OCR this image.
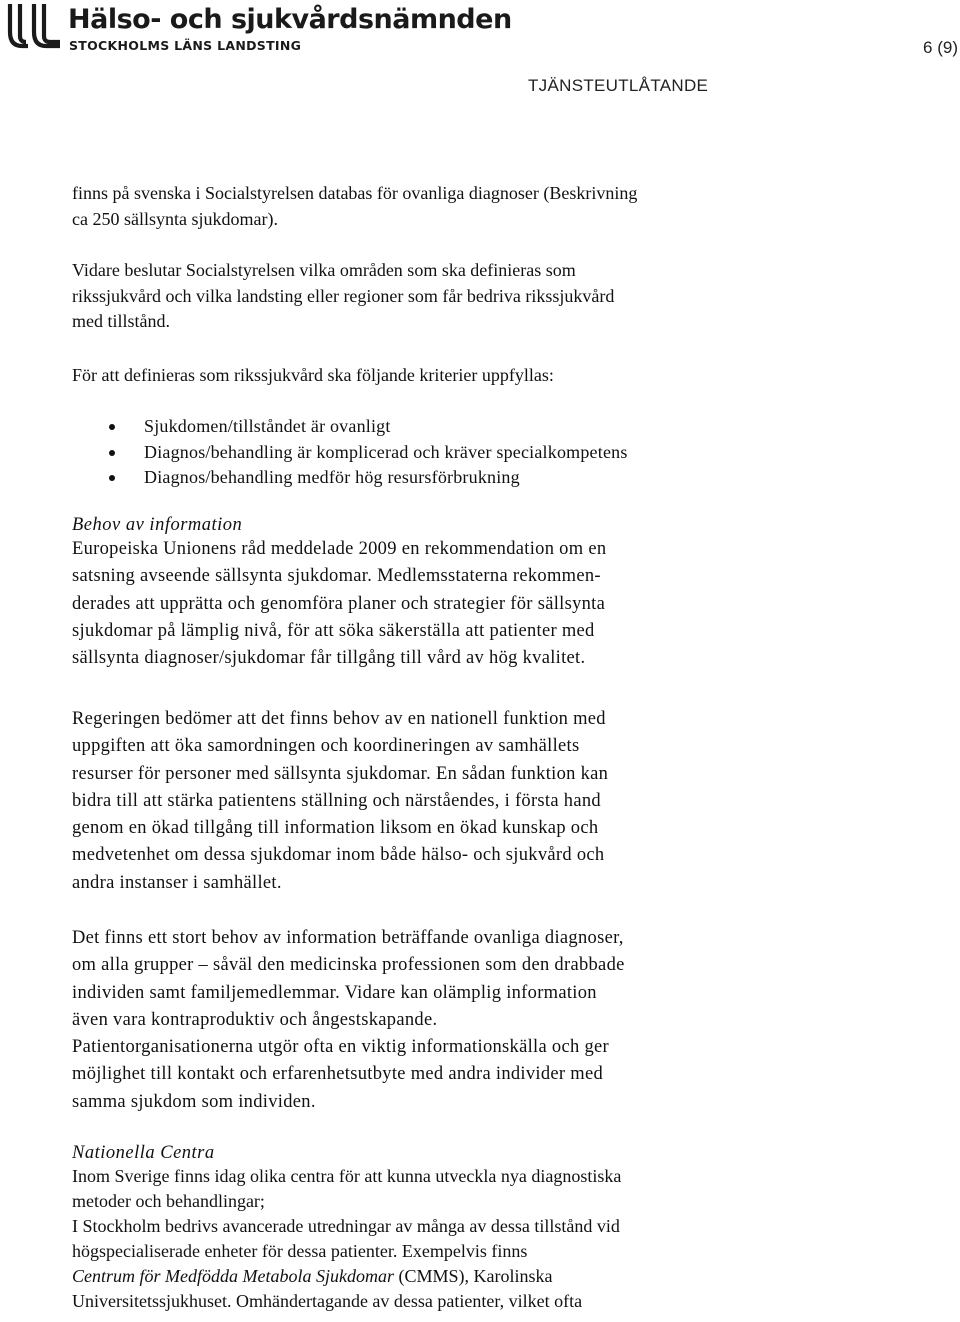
Hälso- och sjukvårdsnämnden
STOCKHOLMS LÄNS LANDSTING	6 (9)
TJÄNSTEUTLÅTANDE

finns på svenska i Socialstyrelsen databas för ovanliga diagnoser (Beskrivning
ca 250 sällsynta sjukdomar).

Vidare beslutar Socialstyrelsen vilka områden som ska definieras som
rikssjukvård och vilka landsting eller regioner som får bedriva rikssjukvård
med tillstånd.

För att definieras som rikssjukvård ska följande kriterier uppfyllas:

Sjukdomen/tillståndet är ovanligt
Diagnos/behandling är komplicerad och kräver specialkompetens
Diagnos/behandling medför hög resursförbrukning
Behov av information

Europeiska Unionens råd meddelade 2009 en rekommendation om en
satsning avseende sällsynta sjukdomar. Medlemsstaterna rekommen-
derades att upprätta och genomföra planer och strategier för sällsynta
sjukdomar på lämplig nivå, för att söka säkerställa att patienter med
sällsynta diagnoser/sjukdomar får tillgång till vård av hög kvalitet.

Regeringen bedömer att det finns behov av en nationell funktion med
uppgiften att öka samordningen och koordineringen av samhällets
resurser för personer med sällsynta sjukdomar. En sådan funktion kan
bidra till att stärka patientens ställning och närståendes, i första hand
genom en ökad tillgång till information liksom en ökad kunskap och
medvetenhet om dessa sjukdomar inom både hälso- och sjukvård och
andra instanser i samhället.

Det finns ett stort behov av information beträffande ovanliga diagnoser,
om alla grupper – såväl den medicinska professionen som den drabbade
individen samt familjemedlemmar. Vidare kan olämplig information
även vara kontraproduktiv och ångestskapande.
Patientorganisationerna utgör ofta en viktig informationskälla och ger
möjlighet till kontakt och erfarenhetsutbyte med andra individer med
samma sjukdom som individen.

Nationella Centra

Inom Sverige finns idag olika centra för att kunna utveckla nya diagnostiska
metoder och behandlingar;
I Stockholm bedrivs avancerade utredningar av många av dessa tillstånd vid
högspecialiserade enheter för dessa patienter. Exempelvis finns
Centrum för Medfödda Metabola Sjukdomar (CMMS), Karolinska
Universitetssjukhuset. Omhändertagande av dessa patienter, vilket ofta
